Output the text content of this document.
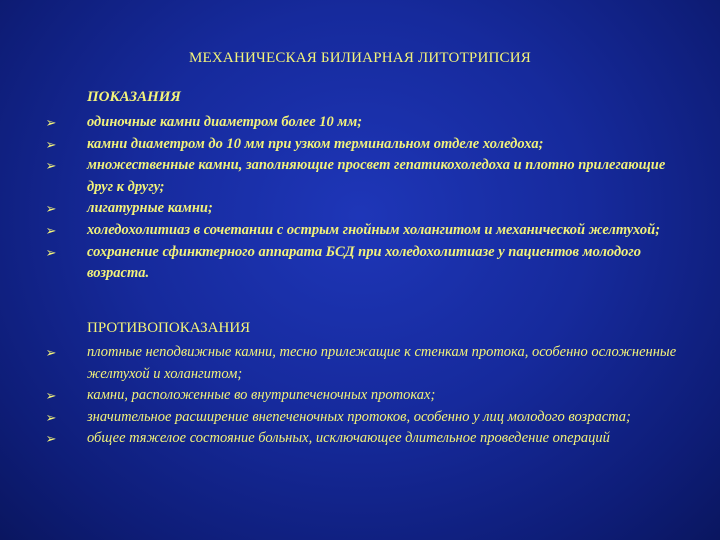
МЕХАНИЧЕСКАЯ БИЛИАРНАЯ ЛИТОТРИПСИЯ
ПОКАЗАНИЯ
➢ одиночные камни диаметром более 10 мм;
➢ камни диаметром до 10 мм при узком терминальном отделе холедоха;
➢ множественные камни, заполняющие просвет гепатикохоледоха и плотно прилегающие друг к другу;
➢ лигатурные камни;
➢ холедохолитиаз в сочетании с острым гнойным холангитом и механической желтухой;
➢ сохранение сфинктерного аппарата БСД при холедохолитиазе у пациентов молодого возраста.
ПРОТИВОПОКАЗАНИЯ
➢ плотные неподвижные камни, тесно прилежащие к стенкам протока, особенно осложненные желтухой и холангитом;
➢ камни, расположенные во внутрипеченочных протоках;
➢ значительное расширение внепеченочных протоков, особенно у лиц молодого возраста;
➢ общее тяжелое состояние больных, исключающее длительное проведение операций
